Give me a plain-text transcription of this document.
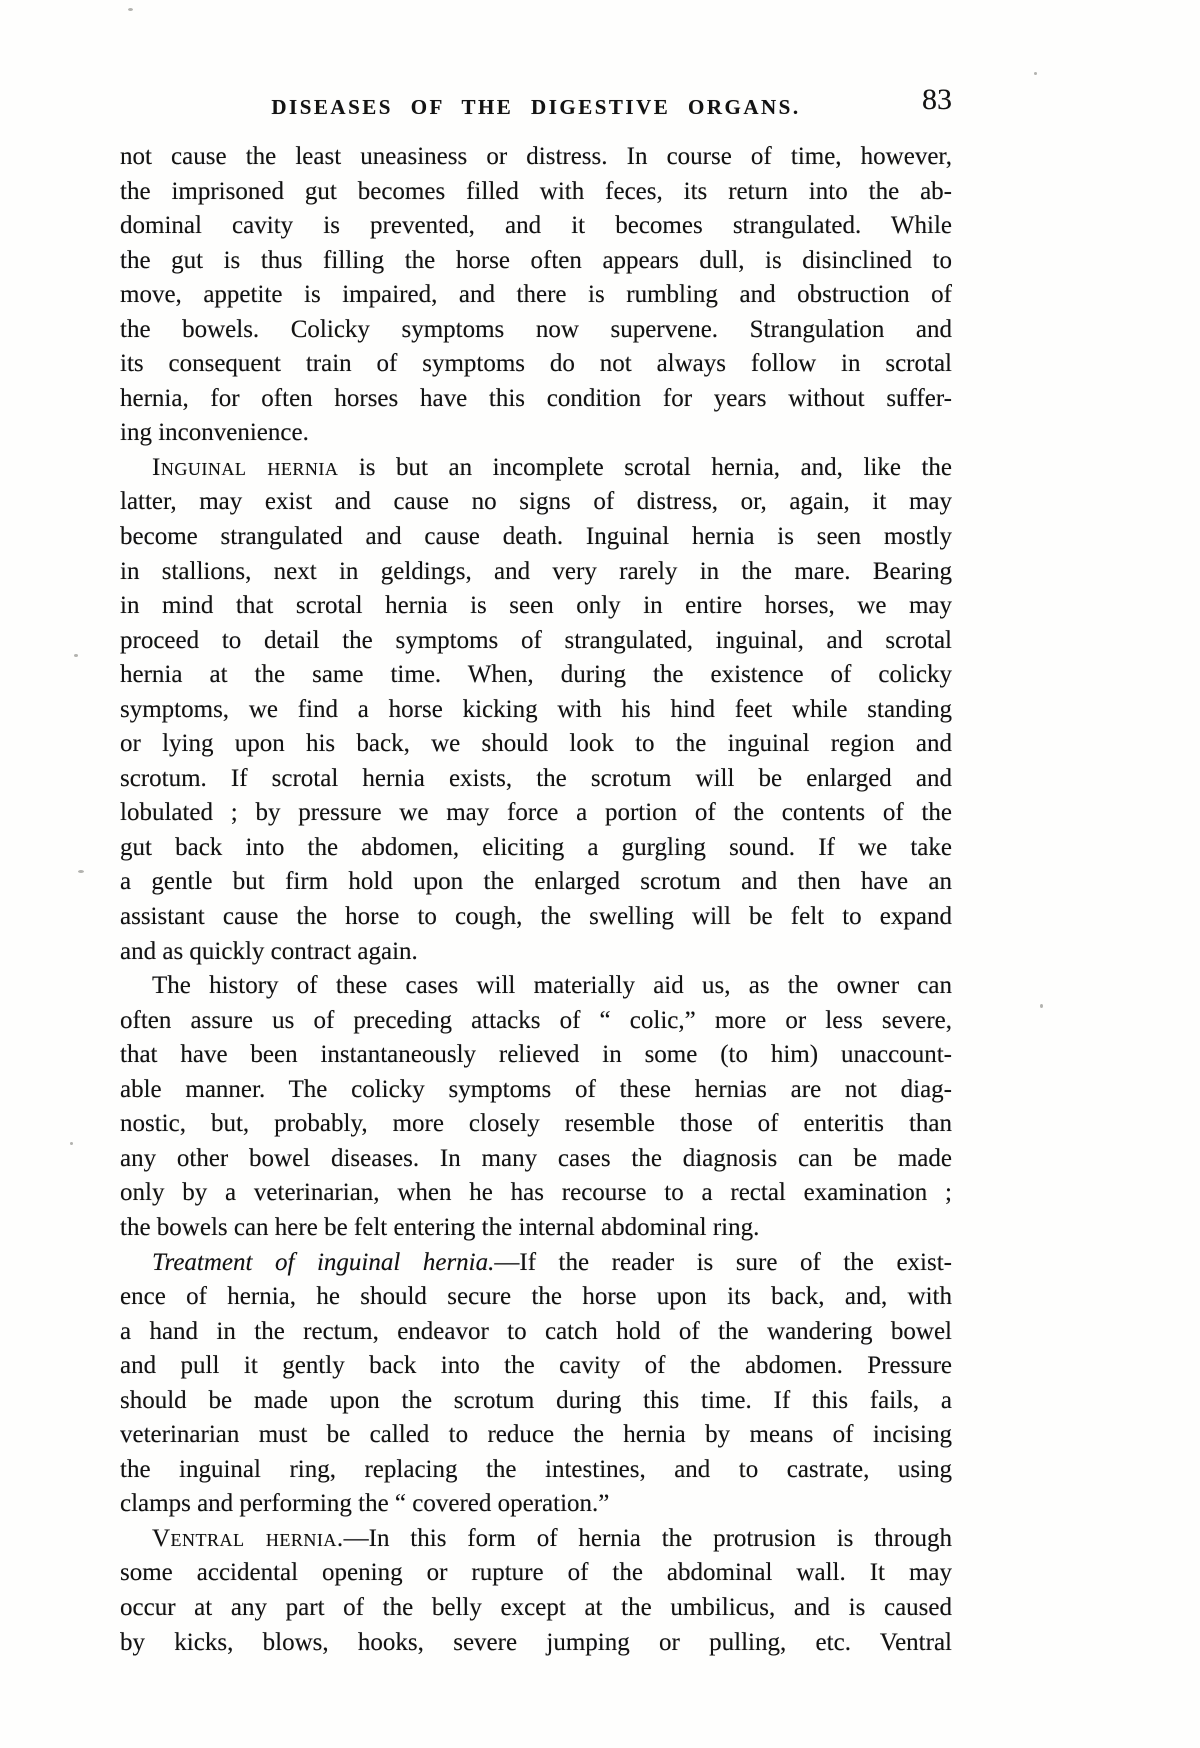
DISEASES OF THE DIGESTIVE ORGANS.	83
not cause the least uneasiness or distress. In course of time, however,
the imprisoned gut becomes filled with feces, its return into the ab-
dominal cavity is prevented, and it becomes strangulated. While
the gut is thus filling the horse often appears dull, is disinclined to
move, appetite is impaired, and there is rumbling and obstruction of
the bowels. Colicky symptoms now supervene. Strangulation and
its consequent train of symptoms do not always follow in scrotal
hernia, for often horses have this condition for years without suffer-
ing inconvenience.
Inguinal hernia is but an incomplete scrotal hernia, and, like the
latter, may exist and cause no signs of distress, or, again, it may
become strangulated and cause death. Inguinal hernia is seen mostly
in stallions, next in geldings, and very rarely in the mare. Bearing
in mind that scrotal hernia is seen only in entire horses, we may
proceed to detail the symptoms of strangulated, inguinal, and scrotal
hernia at the same time. When, during the existence of colicky
symptoms, we find a horse kicking with his hind feet while standing
or lying upon his back, we should look to the inguinal region and
scrotum. If scrotal hernia exists, the scrotum will be enlarged and
lobulated ; by pressure we may force a portion of the contents of the
gut back into the abdomen, eliciting a gurgling sound. If we take
a gentle but firm hold upon the enlarged scrotum and then have an
assistant cause the horse to cough, the swelling will be felt to expand
and as quickly contract again.
The history of these cases will materially aid us, as the owner can
often assure us of preceding attacks of “ colic,” more or less severe,
that have been instantaneously relieved in some (to him) unaccount-
able manner. The colicky symptoms of these hernias are not diag-
nostic, but, probably, more closely resemble those of enteritis than
any other bowel diseases. In many cases the diagnosis can be made
only by a veterinarian, when he has recourse to a rectal examination ;
the bowels can here be felt entering the internal abdominal ring.
Treatment of inguinal hernia.—If the reader is sure of the exist-
ence of hernia, he should secure the horse upon its back, and, with
a hand in the rectum, endeavor to catch hold of the wandering bowel
and pull it gently back into the cavity of the abdomen. Pressure
should be made upon the scrotum during this time. If this fails, a
veterinarian must be called to reduce the hernia by means of incising
the inguinal ring, replacing the intestines, and to castrate, using
clamps and performing the “ covered operation.”
Ventral hernia.—In this form of hernia the protrusion is through
some accidental opening or rupture of the abdominal wall. It may
occur at any part of the belly except at the umbilicus, and is caused
by kicks, blows, hooks, severe jumping or pulling, etc. Ventral
